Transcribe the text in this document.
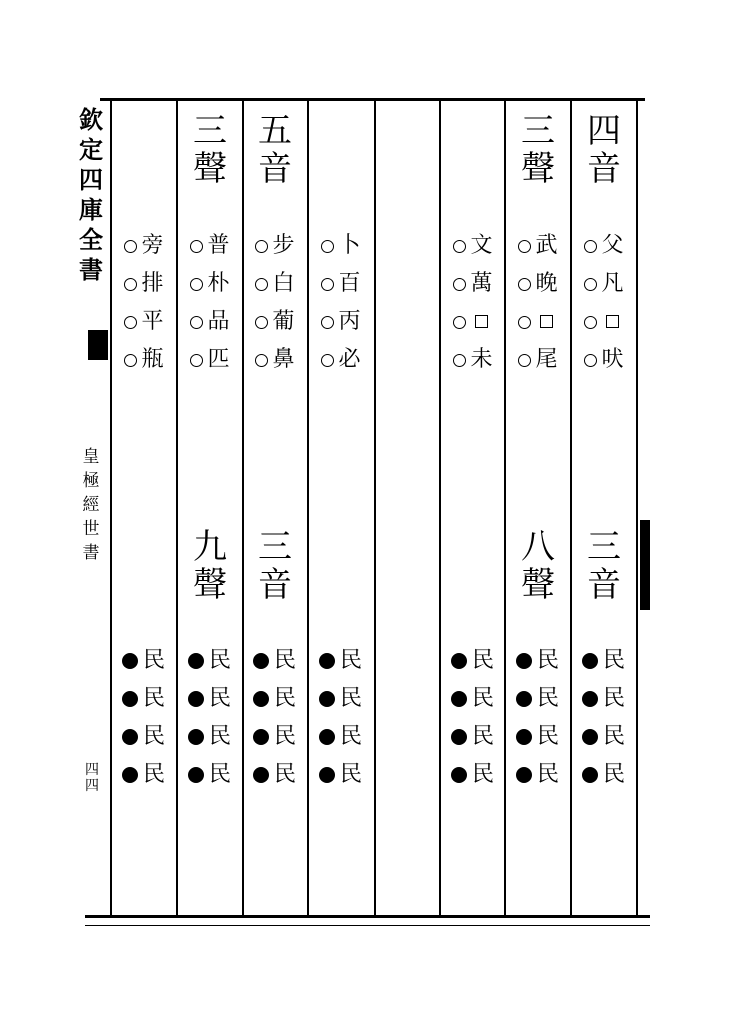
欽
定
四
庫
全
書
皇
極
經
世
書
四四
四
音
三
音
父
凡
吠
民
民
民
民
三
聲
八
聲
武
晚
尾
民
民
民
民
文
萬
未
民
民
民
民
卜
百
丙
必
民
民
民
民
五
音
三
音
步
白
葡
鼻
民
民
民
民
三
聲
九
聲
普
朴
品
匹
民
民
民
民
旁
排
平
瓶
民
民
民
民
